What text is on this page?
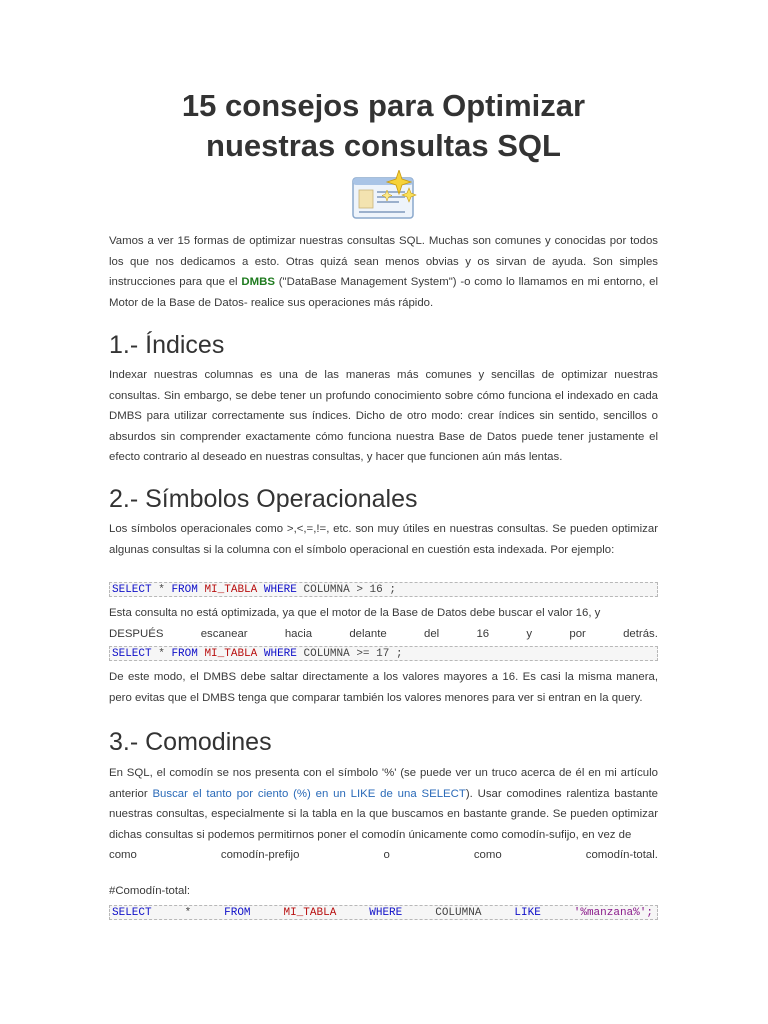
15 consejos para Optimizar
nuestras consultas SQL

Vamos a ver 15 formas de optimizar nuestras consultas SQL. Muchas son comunes y conocidas por todos los que nos dedicamos a esto. Otras quizá sean menos obvias y os sirvan de ayuda. Son simples instrucciones para que el DMBS ("DataBase Management System") -o como lo llamamos en mi entorno, el Motor de la Base de Datos- realice sus operaciones más rápido.

1.- Índices

Indexar nuestras columnas es una de las maneras más comunes y sencillas de optimizar nuestras consultas. Sin embargo, se debe tener un profundo conocimiento sobre cómo funciona el indexado en cada DMBS para utilizar correctamente sus índices. Dicho de otro modo: crear índices sin sentido, sencillos o absurdos sin comprender exactamente cómo funciona nuestra Base de Datos puede tener justamente el efecto contrario al deseado en nuestras consultas, y hacer que funcionen aún más lentas.

2.- Símbolos Operacionales

Los símbolos operacionales como >,<,=,!=, etc. son muy útiles en nuestras consultas. Se pueden optimizar algunas consultas si la columna con el símbolo operacional en cuestión esta indexada. Por ejemplo:

SELECT * FROM MI_TABLA WHERE COLUMNA > 16 ;

Esta consulta no está optimizada, ya que el motor de la Base de Datos debe buscar el valor 16, y

DESPUÉS	escanear	hacia	delante	del	16	y	por	detrás.

SELECT * FROM MI_TABLA WHERE COLUMNA >= 17 ;

De este modo, el DMBS debe saltar directamente a los valores mayores a 16. Es casi la misma manera, pero evitas que el DMBS tenga que comparar también los valores menores para ver si entran en la query.

3.- Comodines

En SQL, el comodín se nos presenta con el símbolo '%' (se puede ver un truco acerca de él en mi artículo anterior Buscar el tanto por ciento (%) en un LIKE de una SELECT). Usar comodines ralentiza bastante nuestras consultas, especialmente si la tabla en la que buscamos en bastante grande. Se pueden optimizar dichas consultas si podemos permitirnos poner el comodín únicamente como comodín-sufijo, en vez de

como	comodín-prefijo	o	como	comodín-total.

#Comodín-total:

SELECT	*	FROM	MI_TABLA	WHERE	COLUMNA	LIKE	'%manzana%';
